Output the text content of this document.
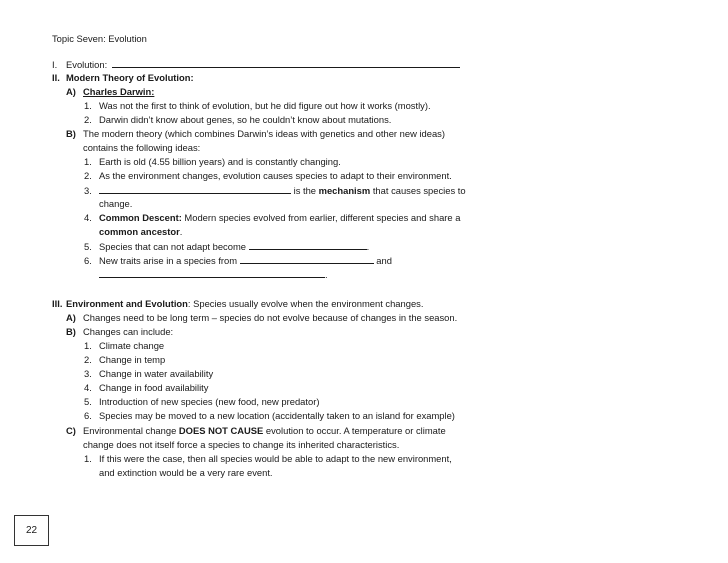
Topic Seven: Evolution
I. Evolution:
II. Modern Theory of Evolution:
A) Charles Darwin:
1. Was not the first to think of evolution, but he did figure out how it works (mostly).
2. Darwin didn’t know about genes, so he couldn’t know about mutations.
B) The modern theory (which combines Darwin’s ideas with genetics and other new ideas)
contains the following ideas:
1. Earth is old (4.55 billion years) and is constantly changing.
2. As the environment changes, evolution causes species to adapt to their environment.
3.	is the mechanism that causes species to
change.
4. Common Descent: Modern species evolved from earlier, different species and share a
common ancestor.
5. Species that can not adapt become	.
6. New traits arise in a species from	and
.
III. Environment and Evolution: Species usually evolve when the environment changes.
A) Changes need to be long term – species do not evolve because of changes in the season.
B) Changes can include:
1. Climate change
2. Change in temp
3. Change in water availability
4. Change in food availability
5. Introduction of new species (new food, new predator)
6. Species may be moved to a new location (accidentally taken to an island for example)
C) Environmental change DOES NOT CAUSE evolution to occur. A temperature or climate
change does not itself force a species to change its inherited characteristics.
1. If this were the case, then all species would be able to adapt to the new environment,
and extinction would be a very rare event.
22
